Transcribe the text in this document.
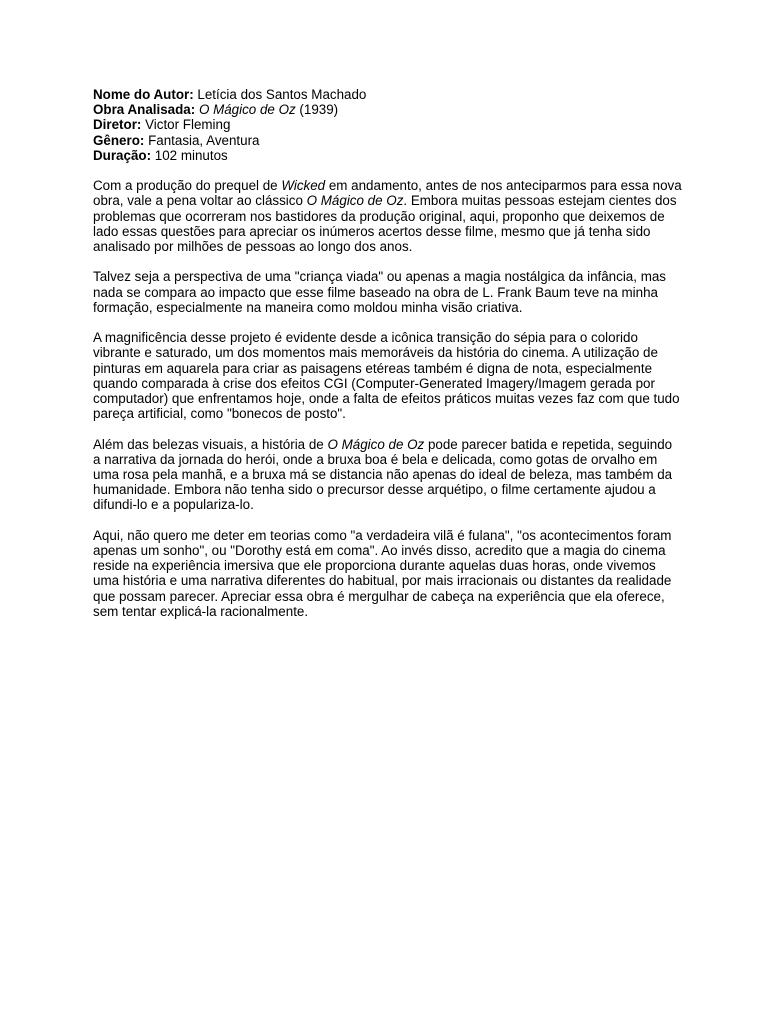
Nome do Autor: Letícia dos Santos Machado
Obra Analisada: O Mágico de Oz (1939)
Diretor: Victor Fleming
Gênero: Fantasia, Aventura
Duração: 102 minutos

Com a produção do prequel de Wicked em andamento, antes de nos anteciparmos para essa nova obra, vale a pena voltar ao clássico O Mágico de Oz. Embora muitas pessoas estejam cientes dos problemas que ocorreram nos bastidores da produção original, aqui, proponho que deixemos de lado essas questões para apreciar os inúmeros acertos desse filme, mesmo que já tenha sido analisado por milhões de pessoas ao longo dos anos.

Talvez seja a perspectiva de uma "criança viada" ou apenas a magia nostálgica da infância, mas nada se compara ao impacto que esse filme baseado na obra de L. Frank Baum teve na minha formação, especialmente na maneira como moldou minha visão criativa.

A magnificência desse projeto é evidente desde a icônica transição do sépia para o colorido vibrante e saturado, um dos momentos mais memoráveis da história do cinema. A utilização de pinturas em aquarela para criar as paisagens etéreas também é digna de nota, especialmente quando comparada à crise dos efeitos CGI (Computer-Generated Imagery/Imagem gerada por computador) que enfrentamos hoje, onde a falta de efeitos práticos muitas vezes faz com que tudo pareça artificial, como "bonecos de posto".

Além das belezas visuais, a história de O Mágico de Oz pode parecer batida e repetida, seguindo a narrativa da jornada do herói, onde a bruxa boa é bela e delicada, como gotas de orvalho em uma rosa pela manhã, e a bruxa má se distancia não apenas do ideal de beleza, mas também da humanidade. Embora não tenha sido o precursor desse arquétipo, o filme certamente ajudou a difundi-lo e a populariza-lo.

Aqui, não quero me deter em teorias como "a verdadeira vilã é fulana", "os acontecimentos foram apenas um sonho", ou "Dorothy está em coma". Ao invés disso, acredito que a magia do cinema reside na experiência imersiva que ele proporciona durante aquelas duas horas, onde vivemos uma história e uma narrativa diferentes do habitual, por mais irracionais ou distantes da realidade que possam parecer. Apreciar essa obra é mergulhar de cabeça na experiência que ela oferece, sem tentar explicá-la racionalmente.
